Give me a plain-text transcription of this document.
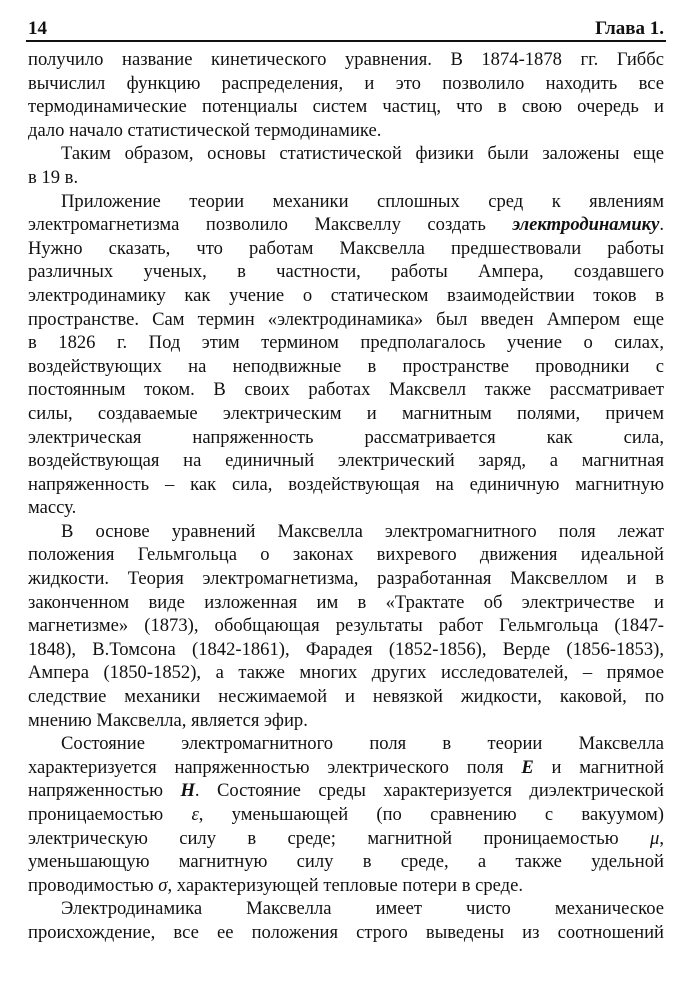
14	Глава 1.
получило название кинетического уравнения. В 1874-1878 гг. Гиббс
вычислил функцию распределения, и это позволило находить все
термодинамические потенциалы систем частиц, что в свою очередь и
дало начало статистической термодинамике.
Таким образом, основы статистической физики были заложены еще
в 19 в.
Приложение теории механики сплошных сред к явлениям
электромагнетизма позволило Максвеллу создать электродинамику.
Нужно сказать, что работам Максвелла предшествовали работы
различных ученых, в частности, работы Ампера, создавшего
электродинамику как учение о статическом взаимодействии токов в
пространстве. Сам термин «электродинамика» был введен Ампером еще
в 1826 г. Под этим термином предполагалось учение о силах,
воздействующих на неподвижные в пространстве проводники с
постоянным током. В своих работах Максвелл также рассматривает
силы, создаваемые электрическим и магнитным полями, причем
электрическая напряженность рассматривается как сила,
воздействующая на единичный электрический заряд, а магнитная
напряженность – как сила, воздействующая на единичную магнитную
массу.
В основе уравнений Максвелла электромагнитного поля лежат
положения Гельмгольца о законах вихревого движения идеальной
жидкости. Теория электромагнетизма, разработанная Максвеллом и в
законченном виде изложенная им в «Трактате об электричестве и
магнетизме» (1873), обобщающая результаты работ Гельмгольца (1847-
1848), В.Томсона (1842-1861), Фарадея (1852-1856), Верде (1856-1853),
Ампера (1850-1852), а также многих других исследователей, – прямое
следствие механики несжимаемой и невязкой жидкости, каковой, по
мнению Максвелла, является эфир.
Состояние электромагнитного поля в теории Максвелла
характеризуется напряженностью электрического поля E и магнитной
напряженностью H. Состояние среды характеризуется диэлектрической
проницаемостью ε, уменьшающей (по сравнению с вакуумом)
электрическую силу в среде; магнитной проницаемостью μ,
уменьшающую магнитную силу в среде, а также удельной
проводимостью σ, характеризующей тепловые потери в среде.
Электродинамика Максвелла имеет чисто механическое
происхождение, все ее положения строго выведены из соотношений
